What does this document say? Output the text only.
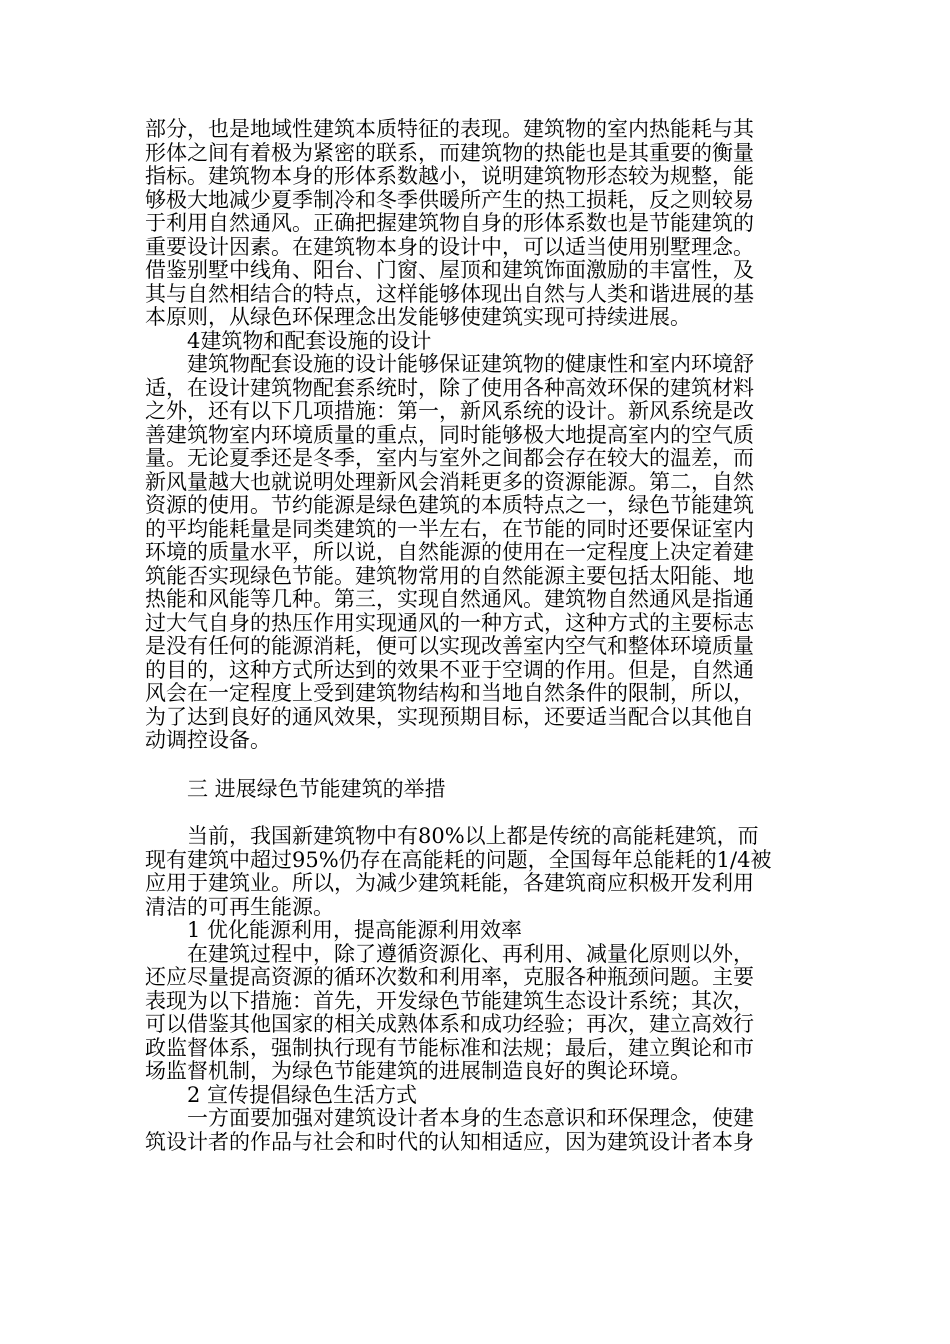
部分，也是地域性建筑本质特征的表现。建筑物的室内热能耗与其
形体之间有着极为紧密的联系，而建筑物的热能也是其重要的衡量
指标。建筑物本身的形体系数越小，说明建筑物形态较为规整，能
够极大地减少夏季制冷和冬季供暖所产生的热工损耗，反之则较易
于利用自然通风。正确把握建筑物自身的形体系数也是节能建筑的
重要设计因素。在建筑物本身的设计中，可以适当使用别墅理念。
借鉴别墅中线角、阳台、门窗、屋顶和建筑饰面激励的丰富性，及
其与自然相结合的特点，这样能够体现出自然与人类和谐进展的基
本原则，从绿色环保理念出发能够使建筑实现可持续进展。
4建筑物和配套设施的设计
建筑物配套设施的设计能够保证建筑物的健康性和室内环境舒
适，在设计建筑物配套系统时，除了使用各种高效环保的建筑材料
之外，还有以下几项措施：第一，新风系统的设计。新风系统是改
善建筑物室内环境质量的重点，同时能够极大地提高室内的空气质
量。无论夏季还是冬季，室内与室外之间都会存在较大的温差，而
新风量越大也就说明处理新风会消耗更多的资源能源。第二，自然
资源的使用。节约能源是绿色建筑的本质特点之一，绿色节能建筑
的平均能耗量是同类建筑的一半左右，在节能的同时还要保证室内
环境的质量水平，所以说，自然能源的使用在一定程度上决定着建
筑能否实现绿色节能。建筑物常用的自然能源主要包括太阳能、地
热能和风能等几种。第三，实现自然通风。建筑物自然通风是指通
过大气自身的热压作用实现通风的一种方式，这种方式的主要标志
是没有任何的能源消耗，便可以实现改善室内空气和整体环境质量
的目的，这种方式所达到的效果不亚于空调的作用。但是，自然通
风会在一定程度上受到建筑物结构和当地自然条件的限制，所以，
为了达到良好的通风效果，实现预期目标，还要适当配合以其他自
动调控设备。
三 进展绿色节能建筑的举措
当前，我国新建筑物中有80%以上都是传统的高能耗建筑，而
现有建筑中超过95%仍存在高能耗的问题，全国每年总能耗的1/4被
应用于建筑业。所以，为减少建筑耗能，各建筑商应积极开发利用
清洁的可再生能源。
1 优化能源利用，提高能源利用效率
在建筑过程中，除了遵循资源化、再利用、减量化原则以外，
还应尽量提高资源的循环次数和利用率，克服各种瓶颈问题。主要
表现为以下措施：首先，开发绿色节能建筑生态设计系统；其次，
可以借鉴其他国家的相关成熟体系和成功经验；再次，建立高效行
政监督体系，强制执行现有节能标准和法规；最后，建立舆论和市
场监督机制，为绿色节能建筑的进展制造良好的舆论环境。
2 宣传提倡绿色生活方式
一方面要加强对建筑设计者本身的生态意识和环保理念，使建
筑设计者的作品与社会和时代的认知相适应，因为建筑设计者本身
